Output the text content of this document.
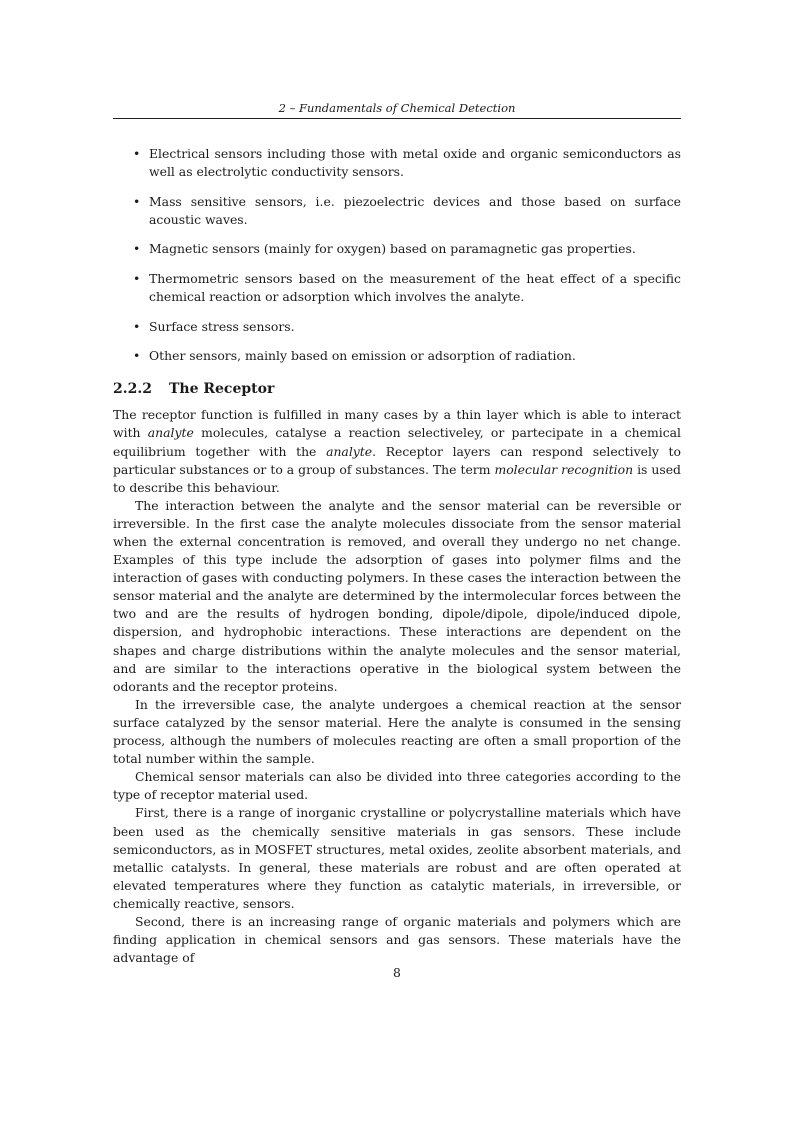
2 – Fundamentals of Chemical Detection
• Electrical sensors including those with metal oxide and organic semiconductors as well as electrolytic conductivity sensors.
• Mass sensitive sensors, i.e. piezoelectric devices and those based on surface acoustic waves.
• Magnetic sensors (mainly for oxygen) based on paramagnetic gas properties.
• Thermometric sensors based on the measurement of the heat effect of a specific chemical reaction or adsorption which involves the analyte.
• Surface stress sensors.
• Other sensors, mainly based on emission or adsorption of radiation.
2.2.2 The Receptor

The receptor function is fulfilled in many cases by a thin layer which is able to interact with analyte molecules, catalyse a reaction selectiveley, or partecipate in a chemical equilibrium together with the analyte. Receptor layers can respond selectively to particular substances or to a group of substances. The term molecular recognition is used to describe this behaviour.

The interaction between the analyte and the sensor material can be reversible or irreversible. In the first case the analyte molecules dissociate from the sensor material when the external concentration is removed, and overall they undergo no net change. Examples of this type include the adsorption of gases into polymer films and the interaction of gases with conducting polymers. In these cases the interaction between the sensor material and the analyte are determined by the intermolecular forces between the two and are the results of hydrogen bonding, dipole/dipole, dipole/induced dipole, dispersion, and hydrophobic interactions. These interactions are dependent on the shapes and charge distributions within the analyte molecules and the sensor material, and are similar to the interactions operative in the biological system between the odorants and the receptor proteins.

In the irreversible case, the analyte undergoes a chemical reaction at the sensor surface catalyzed by the sensor material. Here the analyte is consumed in the sensing process, although the numbers of molecules reacting are often a small proportion of the total number within the sample.

Chemical sensor materials can also be divided into three categories according to the type of receptor material used.

First, there is a range of inorganic crystalline or polycrystalline materials which have been used as the chemically sensitive materials in gas sensors. These include semiconductors, as in MOSFET structures, metal oxides, zeolite absorbent materials, and metallic catalysts. In general, these materials are robust and are often operated at elevated temperatures where they function as catalytic materials, in irreversible, or chemically reactive, sensors.

Second, there is an increasing range of organic materials and polymers which are finding application in chemical sensors and gas sensors. These materials have the advantage of

8
